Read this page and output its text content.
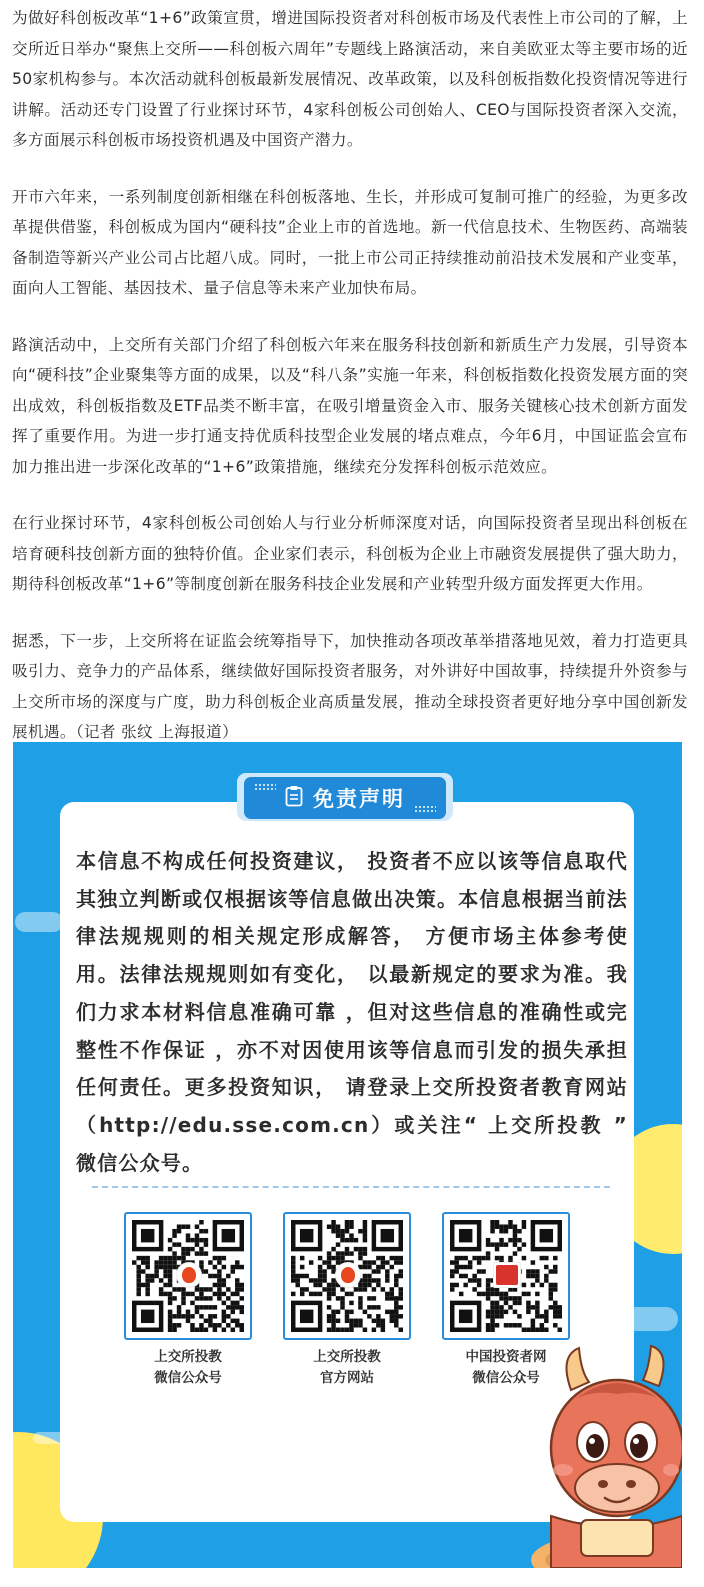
为做好科创板改革“1+6”政策宣贯，增进国际投资者对科创板市场及代表性上市公司的了解，上交所近日举办“聚焦上交所——科创板六周年”专题线上路演活动，来自美欧亚太等主要市场的近50家机构参与。本次活动就科创板最新发展情况、改革政策，以及科创板指数化投资情况等进行讲解。活动还专门设置了行业探讨环节，4家科创板公司创始人、CEO与国际投资者深入交流，多方面展示科创板市场投资机遇及中国资产潜力。

开市六年来，一系列制度创新相继在科创板落地、生长，并形成可复制可推广的经验，为更多改革提供借鉴，科创板成为国内“硬科技”企业上市的首选地。新一代信息技术、生物医药、高端装备制造等新兴产业公司占比超八成。同时，一批上市公司正持续推动前沿技术发展和产业变革，面向人工智能、基因技术、量子信息等未来产业加快布局。

路演活动中，上交所有关部门介绍了科创板六年来在服务科技创新和新质生产力发展，引导资本向“硬科技”企业聚集等方面的成果，以及“科八条”实施一年来，科创板指数化投资发展方面的突出成效，科创板指数及ETF品类不断丰富，在吸引增量资金入市、服务关键核心技术创新方面发挥了重要作用。为进一步打通支持优质科技型企业发展的堵点难点，今年6月，中国证监会宣布加力推出进一步深化改革的“1+6”政策措施，继续充分发挥科创板示范效应。

在行业探讨环节，4家科创板公司创始人与行业分析师深度对话，向国际投资者呈现出科创板在培育硬科技创新方面的独特价值。企业家们表示，科创板为企业上市融资发展提供了强大助力，期待科创板改革“1+6”等制度创新在服务科技企业发展和产业转型升级方面发挥更大作用。

据悉，下一步，上交所将在证监会统筹指导下，加快推动各项改革举措落地见效，着力打造更具吸引力、竞争力的产品体系，继续做好国际投资者服务，对外讲好中国故事，持续提升外资参与上交所市场的深度与广度，助力科创板企业高质量发展，推动全球投资者更好地分享中国创新发展机遇。（记者 张纹 上海报道）

免责声明
本信息不构成任何投资建议， 投资者不应以该等信息取代其独立判断或仅根据该等信息做出决策。本信息根据当前法律法规规则的相关规定形成解答， 方便市场主体参考使用。法律法规规则如有变化， 以最新规定的要求为准。我们力求本材料信息准确可靠 ，但对这些信息的准确性或完整性不作保证 ，亦不对因使用该等信息而引发的损失承担任何责任。更多投资知识， 请登录上交所投资者教育网站（http://edu.sse.com.cn）或关注“ 上交所投教 ” 微信公众号。
上交所投教
微信公众号
上交所投教
官方网站
中国投资者网
微信公众号
